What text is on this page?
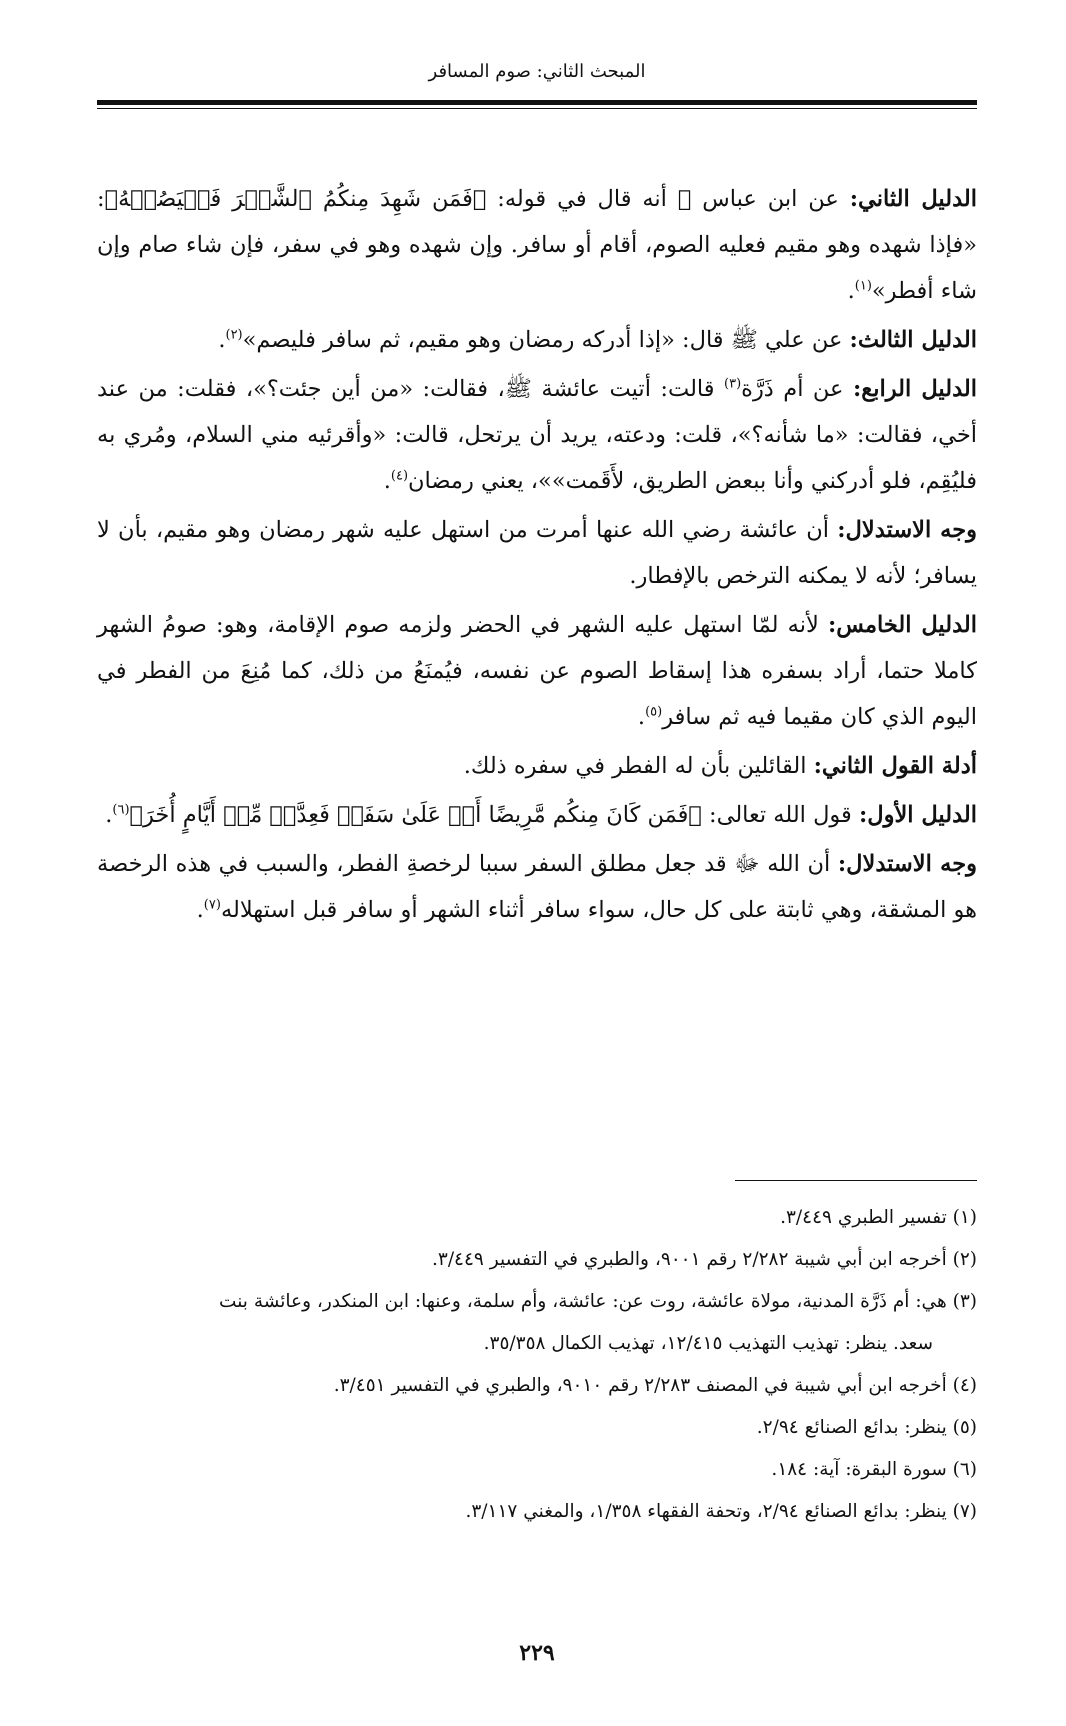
المبحث الثاني: صوم المسافر

الدليل الثاني: عن ابن عباس ﷺ أنه قال في قوله: ﴿فَمَن شَهِدَ مِنكُمُ ٱلشَّهۡرَ فَلۡيَصُمۡهُ﴾: «فإذا شهده وهو مقيم فعليه الصوم، أقام أو سافر. وإن شهده وهو في سفر، فإن شاء صام وإن شاء أفطر»$^{(١)}$.

الدليل الثالث: عن علي ﷺ قال: «إذا أدركه رمضان وهو مقيم، ثم سافر فليصم»$^{(٢)}$.

الدليل الرابع: عن أم ذَرَّة$^{(٣)}$ قالت: أتيت عائشة ﷺ، فقالت: «من أين جئت؟»، فقلت: من عند أخي، فقالت: «ما شأنه؟»، قلت: ودعته، يريد أن يرتحل، قالت: «وأقرئيه مني السلام، ومُري به فليُقِم، فلو أدركني وأنا ببعض الطريق، لأَقَمت»»، يعني رمضان$^{(٤)}$.

وجه الاستدلال: أن عائشة رضي الله عنها أمرت من استهل عليه شهر رمضان وهو مقيم، بأن لا يسافر؛ لأنه لا يمكنه الترخص بالإفطار.

الدليل الخامس: لأنه لمّا استهل عليه الشهر في الحضر ولزمه صوم الإقامة، وهو: صومُ الشهر كاملا حتما، أراد بسفره هذا إسقاط الصوم عن نفسه، فيُمنَعُ من ذلك، كما مُنِعَ من الفطر في اليوم الذي كان مقيما فيه ثم سافر$^{(٥)}$.

أدلة القول الثاني: القائلين بأن له الفطر في سفره ذلك.

الدليل الأول: قول الله تعالى: ﴿فَمَن كَانَ مِنكُم مَّرِيضًا أَوۡ عَلَىٰ سَفَرٖ فَعِدَّةٞ مِّنۡ أَيَّامٍ أُخَرَ﴾$^{(٦)}$.

وجه الاستدلال: أن الله ﷻ قد جعل مطلق السفر سببا لرخصةِ الفطر، والسبب في هذه الرخصة هو المشقة، وهي ثابتة على كل حال، سواء سافر أثناء الشهر أو سافر قبل استهلاله$^{(٧)}$.

(١) تفسير الطبري ٣/٤٤٩.

(٢) أخرجه ابن أبي شيبة ٢/٢٨٢ رقم ٩٠٠١، والطبري في التفسير ٣/٤٤٩.

(٣) هي: أم ذَرَّة المدنية، مولاة عائشة، روت عن: عائشة، وأم سلمة، وعنها: ابن المنكدر، وعائشة بنت

سعد. ينظر: تهذيب التهذيب ١٢/٤١٥، تهذيب الكمال ٣٥/٣٥٨.

(٤) أخرجه ابن أبي شيبة في المصنف ٢/٢٨٣ رقم ٩٠١٠، والطبري في التفسير ٣/٤٥١.

(٥) ينظر: بدائع الصنائع ٢/٩٤.

(٦) سورة البقرة: آية: ١٨٤.

(٧) ينظر: بدائع الصنائع ٢/٩٤، وتحفة الفقهاء ١/٣٥٨، والمغني ٣/١١٧.

٢٢٩
